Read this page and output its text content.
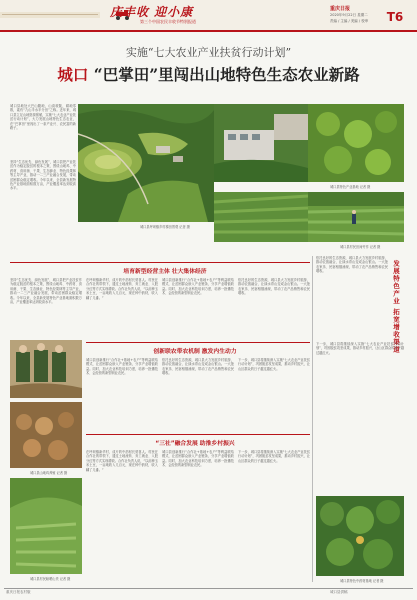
庆丰收 迎小康
第三个中国农民丰收节特别报道
重庆日报
2020年9月22日 星期二
责编 / 主编 / 美编 / 校审	T6
实施“七大农业产业扶贫行动计划”
城口 “巴掌田”里闯出山地特色生态农业新路
城口县特色产业基地 记者 摄
城口县坪坝镇乡村梯田景观 记者 摄
城口县村民田间劳作 记者 摄
城口县地处大巴山腹地，山高坡陡，耕地零散，素有“九山半水半分田”之称。近年来，城口县立足山地资源禀赋，实施“七大农业产业扶贫行动计划”，大力发展山地特色生态农业，在“巴掌田”里闯出了一条产业兴、农民富的新路子。
坚持“生态优先、绿色发展”，城口县把产业扶贫作为稳定脱贫的根本之策，围绕山地鸡、中药材、食用菌、干果、生态蜂业、特色经果林等主导产业，推动一二三产业融合发展，带动贫困群众稳定增收。今年以来，全县新发展特色产业基地面积数万亩，产业覆盖率达到较高水平。
培育新型经营主体 壮大集体经济
坚持“生态优先、绿色发展”，城口县把产业扶贫作为稳定脱贫的根本之策，围绕山地鸡、中药材、食用菌、干果、生态蜂业、特色经果林等主导产业，推动一二三产业融合发展，带动贫困群众稳定增收。今年以来，全县新发展特色产业基地面积数万亩，产业覆盖率达到较高水平。
在坪坝镇新华村，成片的中药材长势喜人。村民在合作社的带领下，通过土地流转、务工就业、入股分红等方式实现增收。合作社负责人说，“以前种玉米土豆，一亩地收入几百元，现在种中药材，收入翻了几番。”
城口县创新推行“合作社+基地+农户”等利益联结模式，让贫困群众嵌入产业链条，分享产业增值收益。同时，加大农业科技培训力度，培养一批懂技术、会经营的新型职业农民。
依托良好的生态资源，城口县大力发展乡村旅游，推动农旅融合，让绿水青山变成金山银山。一大批农家乐、民宿相继涌现，带动了农产品销售和农民增收。
创新联农带农机制 激发内生动力
城口县创新推行“合作社+基地+农户”等利益联结模式，让贫困群众嵌入产业链条，分享产业增值收益。同时，加大农业科技培训力度，培养一批懂技术、会经营的新型职业农民。
依托良好的生态资源，城口县大力发展乡村旅游，推动农旅融合，让绿水青山变成金山银山。一大批农家乐、民宿相继涌现，带动了农产品销售和农民增收。
下一步，城口县将继续深入实施“七大农业产业扶贫行动计划”，巩固脱贫攻坚成果，推动乡村振兴，让山区群众的日子越过越红火。
城口县山地鸡养殖 记者 摄
城口县村民晾晒山货 记者 摄
“三社”融合发展 助推乡村振兴
在坪坝镇新华村，成片的中药材长势喜人。村民在合作社的带领下，通过土地流转、务工就业、入股分红等方式实现增收。合作社负责人说，“以前种玉米土豆，一亩地收入几百元，现在种中药材，收入翻了几番。”
城口县创新推行“合作社+基地+农户”等利益联结模式，让贫困群众嵌入产业链条，分享产业增值收益。同时，加大农业科技培训力度，培养一批懂技术、会经营的新型职业农民。
下一步，城口县将继续深入实施“七大农业产业扶贫行动计划”，巩固脱贫攻坚成果，推动乡村振兴，让山区群众的日子越过越红火。
依托良好的生态资源，城口县大力发展乡村旅游，推动农旅融合，让绿水青山变成金山银山。一大批农家乐、民宿相继涌现，带动了农产品销售和农民增收。	发展特色产业 拓宽增收渠道
下一步，城口县将继续深入实施“七大农业产业扶贫行动计划”，巩固脱贫攻坚成果，推动乡村振兴，让山区群众的日子越过越红火。
城口县特色中药材基地 记者 摄
重庆日报农村版	城口县供稿
